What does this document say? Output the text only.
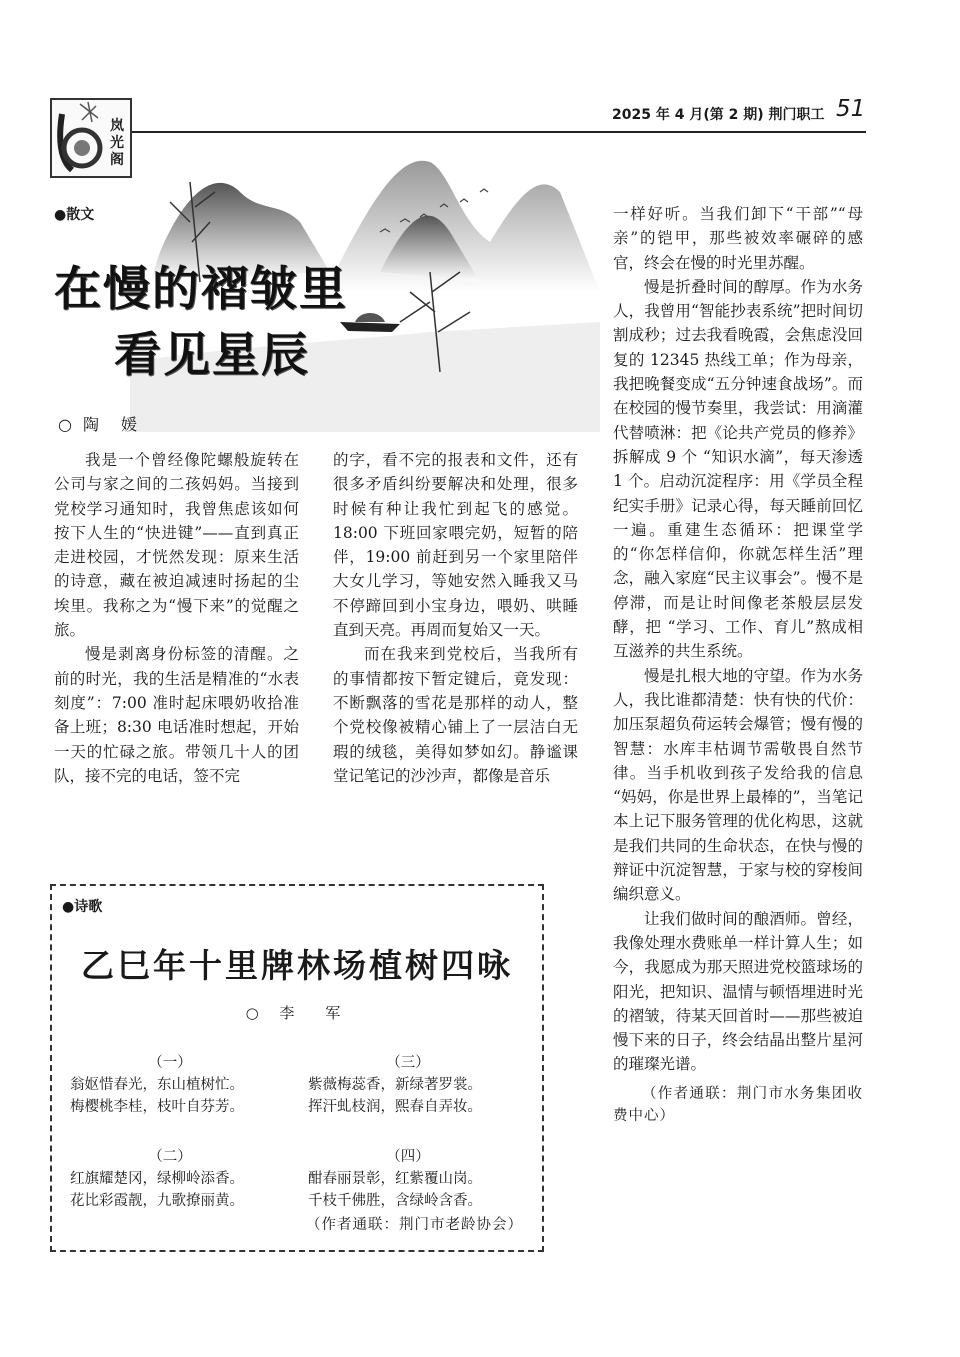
岚光阁
2025 年 4 月(第 2 期) 荆门职工 51
●散文
在慢的褶皱里
看见星辰
○ 陶　媛

我是一个曾经像陀螺般旋转在公司与家之间的二孩妈妈。当接到党校学习通知时，我曾焦虑该如何按下人生的“快进键”——直到真正走进校园，才恍然发现：原来生活的诗意，藏在被迫减速时扬起的尘埃里。我称之为“慢下来”的觉醒之旅。

慢是剥离身份标签的清醒。之前的时光，我的生活是精准的“水表刻度”：7:00 准时起床喂奶收拾准备上班；8:30 电话准时想起，开始一天的忙碌之旅。带领几十人的团队，接不完的电话，签不完

的字，看不完的报表和文件，还有很多矛盾纠纷要解决和处理，很多时候有种让我忙到起飞的感觉。18:00 下班回家喂完奶，短暂的陪伴，19:00 前赶到另一个家里陪伴大女儿学习，等她安然入睡我又马不停蹄回到小宝身边，喂奶、哄睡直到天亮。再周而复始又一天。

而在我来到党校后，当我所有的事情都按下暂定键后，竟发现：不断飘落的雪花是那样的动人，整个党校像被精心铺上了一层洁白无瑕的绒毯，美得如梦如幻。静谧课堂记笔记的沙沙声，都像是音乐

一样好听。当我们卸下“干部”“母亲”的铠甲，那些被效率碾碎的感官，终会在慢的时光里苏醒。

慢是折叠时间的醇厚。作为水务人，我曾用“智能抄表系统”把时间切割成秒；过去我看晚霞，会焦虑没回复的 12345 热线工单；作为母亲，我把晚餐变成“五分钟速食战场”。而在校园的慢节奏里，我尝试：用滴灌代替喷淋：把《论共产党员的修养》拆解成 9 个 “知识水滴”，每天渗透 1 个。启动沉淀程序：用《学员全程纪实手册》记录心得，每天睡前回忆一遍。重建生态循环：把课堂学的“你怎样信仰，你就怎样生活”理念，融入家庭“民主议事会”。慢不是停滞，而是让时间像老茶般层层发酵，把 “学习、工作、育儿”熬成相互滋养的共生系统。

慢是扎根大地的守望。作为水务人，我比谁都清楚：快有快的代价：加压泵超负荷运转会爆管；慢有慢的智慧：水库丰枯调节需敬畏自然节律。当手机收到孩子发给我的信息 “妈妈，你是世界上最棒的”，当笔记本上记下服务管理的优化构思，这就是我们共同的生命状态，在快与慢的辩证中沉淀智慧，于家与校的穿梭间编织意义。

让我们做时间的酿酒师。曾经，我像处理水费账单一样计算人生；如今，我愿成为那天照进党校篮球场的阳光，把知识、温情与顿悟埋进时光的褶皱，待某天回首时——那些被迫慢下来的日子，终会结晶出整片星河的璀璨光谱。

（作者通联：荆门市水务集团收费中心）

●诗歌
乙巳年十里牌林场植树四咏
○ 李　军
（一）
翁妪惜春光，东山植树忙。
梅樱桃李桂，枝叶自芬芳。
（二）
红旗耀楚冈，绿柳岭添香。
花比彩霞靓，九歌撩丽黄。
（三）
紫薇梅蕊香，新绿著罗裳。
挥汗虬枝润，熙春自弄妆。
（四）
酣春丽景彰，红紫覆山岗。
千枝千佛胜，含绿岭含香。
（作者通联：荆门市老龄协会）
